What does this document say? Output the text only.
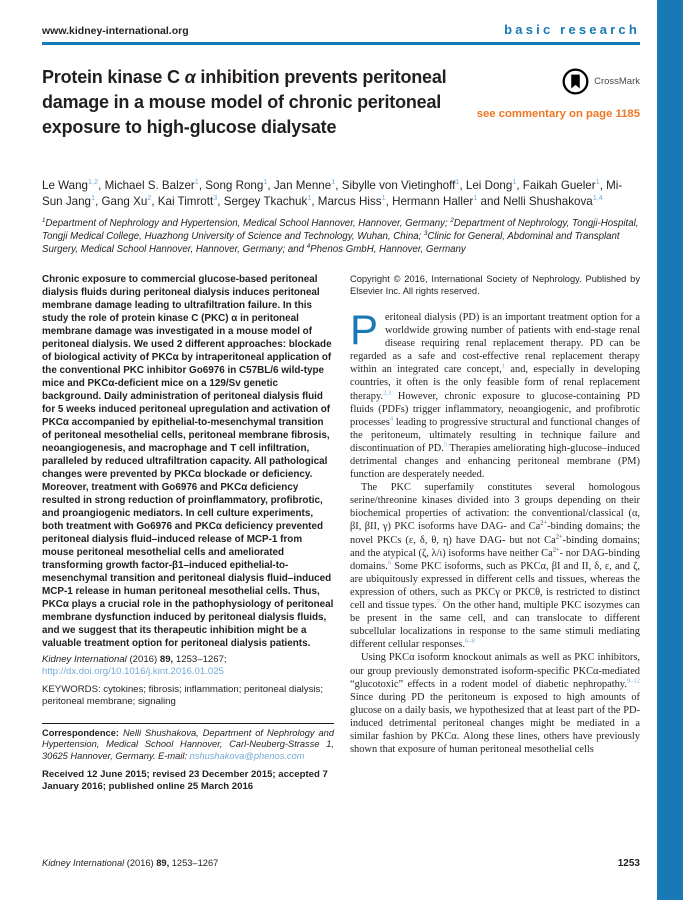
www.kidney-international.org	basic research
Protein kinase C α inhibition prevents peritoneal damage in a mouse model of chronic peritoneal exposure to high-glucose dialysate
CrossMark
see commentary on page 1185
Le Wang$^{1,2}$, Michael S. Balzer$^1$, Song Rong$^1$, Jan Menne$^1$, Sibylle von Vietinghoff$^1$, Lei Dong$^1$, Faikah Gueler$^1$, Mi-Sun Jang$^1$, Gang Xu$^2$, Kai Timrott$^3$, Sergey Tkachuk$^1$, Marcus Hiss$^1$, Hermann Haller$^1$ and Nelli Shushakova$^{1,4}$
$^1$Department of Nephrology and Hypertension, Medical School Hannover, Hannover, Germany; $^2$Department of Nephrology, Tongji-Hospital, Tongji Medical College, Huazhong University of Science and Technology, Wuhan, China; $^3$Clinic for General, Abdominal and Transplant Surgery, Medical School Hannover, Hannover, Germany; and $^4$Phenos GmbH, Hannover, Germany
Chronic exposure to commercial glucose-based peritoneal dialysis fluids during peritoneal dialysis induces peritoneal membrane damage leading to ultrafiltration failure. In this study the role of protein kinase C (PKC) α in peritoneal membrane damage was investigated in a mouse model of peritoneal dialysis. We used 2 different approaches: blockade of biological activity of PKCα by intraperitoneal application of the conventional PKC inhibitor Go6976 in C57BL/6 wild-type mice and PKCα-deficient mice on a 129/Sv genetic background. Daily administration of peritoneal dialysis fluid for 5 weeks induced peritoneal upregulation and activation of PKCα accompanied by epithelial-to-mesenchymal transition of peritoneal mesothelial cells, peritoneal membrane fibrosis, neoangiogenesis, and macrophage and T cell infiltration, paralleled by reduced ultrafiltration capacity. All pathological changes were prevented by PKCα blockade or deficiency. Moreover, treatment with Go6976 and PKCα deficiency resulted in strong reduction of proinflammatory, profibrotic, and proangiogenic mediators. In cell culture experiments, both treatment with Go6976 and PKCα deficiency prevented peritoneal dialysis fluid–induced release of MCP-1 from mouse peritoneal mesothelial cells and ameliorated transforming growth factor-β1–induced epithelial-to-mesenchymal transition and peritoneal dialysis fluid–induced MCP-1 release in human peritoneal mesothelial cells. Thus, PKCα plays a crucial role in the pathophysiology of peritoneal membrane dysfunction induced by peritoneal dialysis fluids, and we suggest that its therapeutic inhibition might be a valuable treatment option for peritoneal dialysis patients.
Kidney International (2016) 89, 1253–1267; http://dx.doi.org/10.1016/j.kint.2016.01.025
KEYWORDS: cytokines; fibrosis; inflammation; peritoneal dialysis; peritoneal membrane; signaling
Correspondence: Nelli Shushakova, Department of Nephrology and Hypertension, Medical School Hannover, Carl-Neuberg-Strasse 1, 30625 Hannover, Germany. E-mail: nshushakova@phenos.com
Received 12 June 2015; revised 23 December 2015; accepted 7 January 2016; published online 25 March 2016
Copyright © 2016, International Society of Nephrology. Published by Elsevier Inc. All rights reserved.

Peritoneal dialysis (PD) is an important treatment option for a worldwide growing number of patients with end-stage renal disease requiring renal replacement therapy. PD can be regarded as a safe and cost-effective renal replacement therapy within an integrated care concept,$^1$ and, especially in developing countries, it often is the only feasible form of renal replacement therapy.$^{2,3}$ However, chronic exposure to glucose-containing PD fluids (PDFs) trigger inflammatory, neoangiogenic, and profibrotic processes$^4$ leading to progressive structural and functional changes of the peritoneum, ultimately resulting in technique failure and discontinuation of PD.$^5$ Therapies ameliorating high-glucose–induced detrimental changes and enhancing peritoneal membrane (PM) function are desperately needed.

The PKC superfamily constitutes several homologous serine/threonine kinases divided into 3 groups depending on their biochemical properties of activation: the conventional/classical (α, βI, βII, γ) PKC isoforms have DAG- and $Ca^{2+}$-binding domains; the novel PKCs (ε, δ, θ, η) have DAG- but not $Ca^{2+}$-binding domains; and the atypical (ζ, λ/ι) isoforms have neither $Ca^{2+}-$ nor DAG-binding domains.$^6$ Some PKC isoforms, such as PKCα, βI and II, δ, ε, and ζ, are ubiquitously expressed in different cells and tissues, whereas the expression of others, such as PKCγ or PKCθ, is restricted to distinct cell and tissue types.$^7$ On the other hand, multiple PKC isozymes can be present in the same cell, and can translocate to different subcellular localizations in response to the same stimuli mediating different cellular responses.$^{6-8}$

Using PKCα isoform knockout animals as well as PKC inhibitors, our group previously demonstrated isoform-specific PKCα-mediated “glucotoxic” effects in a rodent model of diabetic nephropathy.$^{9-12}$ Since during PD the peritoneum is exposed to high amounts of glucose on a daily basis, we hypothesized that at least part of the PD-induced detrimental peritoneal changes might be mediated in a similar fashion by PKCα. Along these lines, others have previously shown that exposure of human peritoneal mesothelial cells

Kidney International (2016) 89, 1253–1267	1253
